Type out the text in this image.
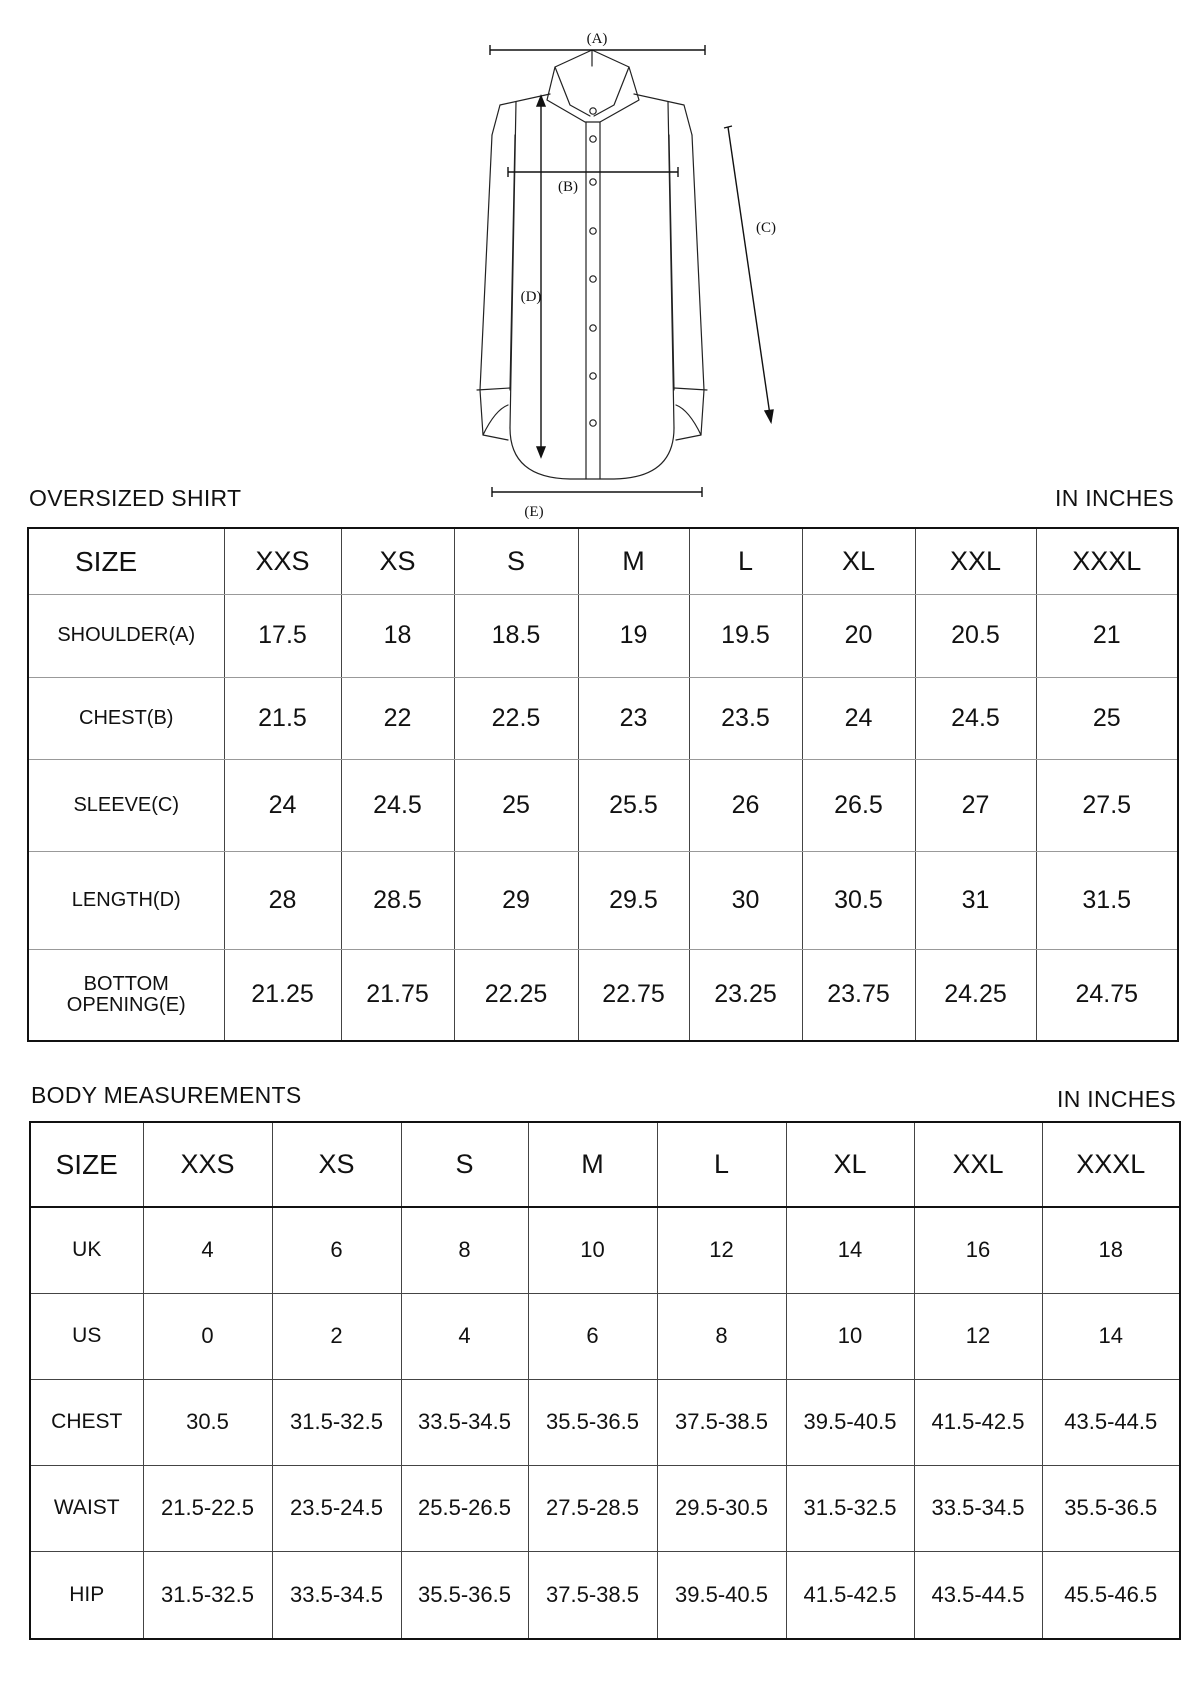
(A)
(B)
(C)
(D)
(E)
OVERSIZED SHIRT	IN INCHES
SIZE	XXS	XS	S	M	L	XL	XXL	XXXL
SHOULDER(A)	17.5	18	18.5	19	19.5	20	20.5	21
CHEST(B)	21.5	22	22.5	23	23.5	24	24.5	25
SLEEVE(C)	24	24.5	25	25.5	26	26.5	27	27.5
LENGTH(D)	28	28.5	29	29.5	30	30.5	31	31.5
BOTTOM
OPENING(E)	21.25	21.75	22.25	22.75	23.25	23.75	24.25	24.75
BODY MEASUREMENTS	IN INCHES
SIZE	XXS	XS	S	M	L	XL	XXL	XXXL
UK	4	6	8	10	12	14	16	18
US	0	2	4	6	8	10	12	14
CHEST	30.5	31.5-32.5	33.5-34.5	35.5-36.5	37.5-38.5	39.5-40.5	41.5-42.5	43.5-44.5
WAIST	21.5-22.5	23.5-24.5	25.5-26.5	27.5-28.5	29.5-30.5	31.5-32.5	33.5-34.5	35.5-36.5
HIP	31.5-32.5	33.5-34.5	35.5-36.5	37.5-38.5	39.5-40.5	41.5-42.5	43.5-44.5	45.5-46.5
